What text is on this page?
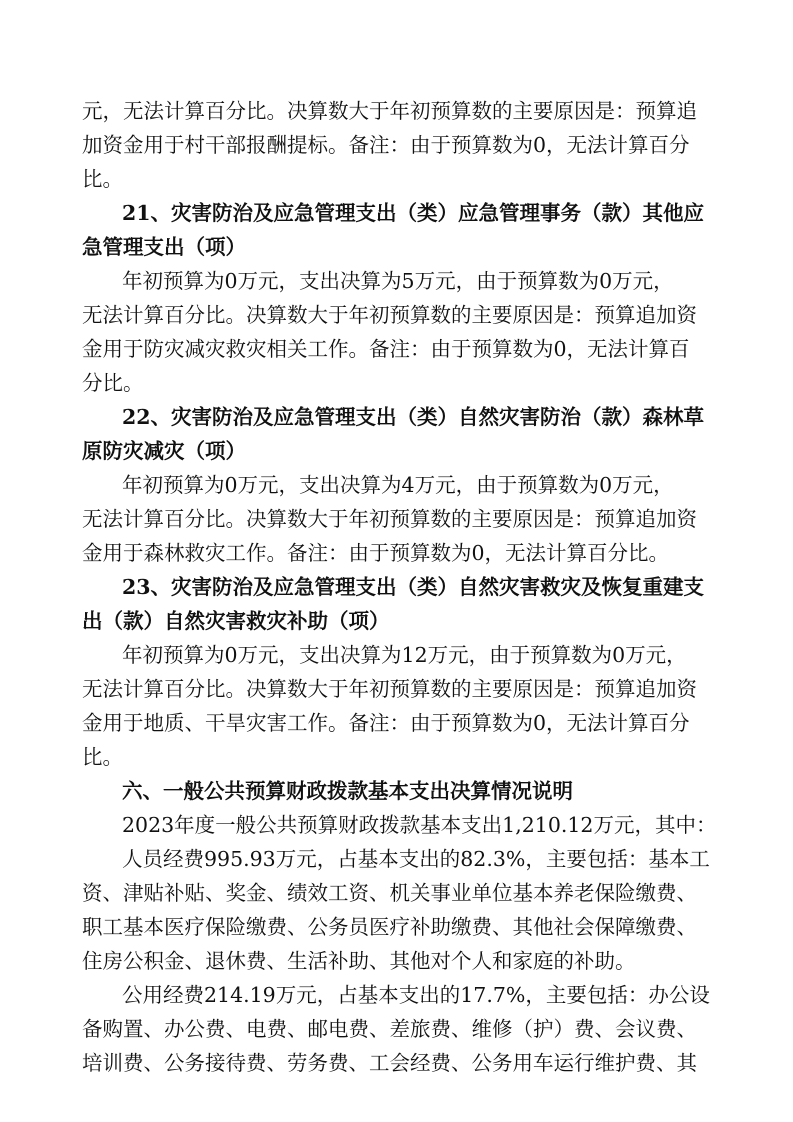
元，无法计算百分比。决算数大于年初预算数的主要原因是：预算追
加资金用于村干部报酬提标。备注：由于预算数为0，无法计算百分
比。
21、灾害防治及应急管理支出（类）应急管理事务（款）其他应
急管理支出（项）
年初预算为0万元，支出决算为5万元，由于预算数为0万元，
无法计算百分比。决算数大于年初预算数的主要原因是：预算追加资
金用于防灾减灾救灾相关工作。备注：由于预算数为0，无法计算百
分比。
22、灾害防治及应急管理支出（类）自然灾害防治（款）森林草
原防灾减灾（项）
年初预算为0万元，支出决算为4万元，由于预算数为0万元，
无法计算百分比。决算数大于年初预算数的主要原因是：预算追加资
金用于森林救灾工作。备注：由于预算数为0，无法计算百分比。
23、灾害防治及应急管理支出（类）自然灾害救灾及恢复重建支
出（款）自然灾害救灾补助（项）
年初预算为0万元，支出决算为12万元，由于预算数为0万元，
无法计算百分比。决算数大于年初预算数的主要原因是：预算追加资
金用于地质、干旱灾害工作。备注：由于预算数为0，无法计算百分
比。
六、一般公共预算财政拨款基本支出决算情况说明
2023年度一般公共预算财政拨款基本支出1,210.12万元，其中：
人员经费995.93万元，占基本支出的82.3%，主要包括：基本工
资、津贴补贴、奖金、绩效工资、机关事业单位基本养老保险缴费、
职工基本医疗保险缴费、公务员医疗补助缴费、其他社会保障缴费、
住房公积金、退休费、生活补助、其他对个人和家庭的补助。
公用经费214.19万元，占基本支出的17.7%，主要包括：办公设
备购置、办公费、电费、邮电费、差旅费、维修（护）费、会议费、
培训费、公务接待费、劳务费、工会经费、公务用车运行维护费、其
